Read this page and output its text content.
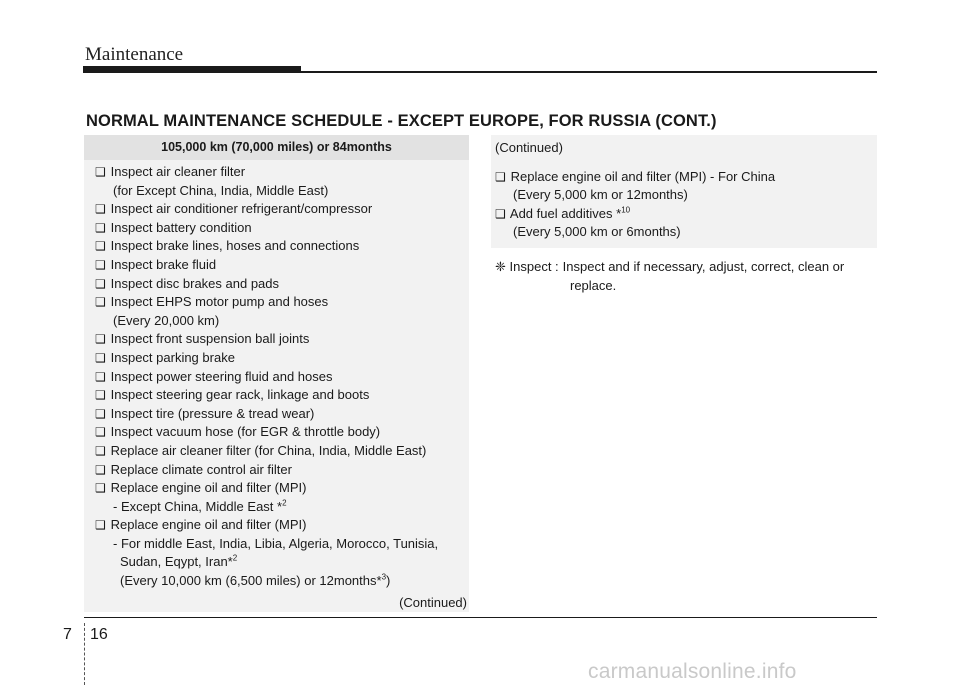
Maintenance
NORMAL MAINTENANCE SCHEDULE - EXCEPT EUROPE, FOR RUSSIA (CONT.)
105,000 km (70,000 miles) or 84months
❑ Inspect air cleaner filter
(for Except China, India, Middle East)
❑ Inspect air conditioner refrigerant/compressor
❑ Inspect battery condition
❑ Inspect brake lines, hoses and connections
❑ Inspect brake fluid
❑ Inspect disc brakes and pads
❑ Inspect EHPS motor pump and hoses
(Every 20,000 km)
❑ Inspect front suspension ball joints
❑ Inspect parking brake
❑ Inspect power steering fluid and hoses
❑ Inspect steering gear rack, linkage and boots
❑ Inspect tire (pressure & tread wear)
❑ Inspect vacuum hose (for EGR & throttle body)
❑ Replace air cleaner filter (for China, India, Middle East)
❑ Replace climate control air filter
❑ Replace engine oil and filter (MPI)
- Except China, Middle East *$^2$
❑ Replace engine oil and filter (MPI)
- For middle East, India, Libia, Algeria, Morocco, Tunisia,
Sudan, Eqypt, Iran*$^2$
(Every 10,000 km (6,500 miles) or 12months*$^3$)
(Continued)
(Continued)
❑ Replace engine oil and filter (MPI) - For China
(Every 5,000 km or 12months)
❑ Add fuel additives *$^{10}$
(Every 5,000 km or 6months)
❈ Inspect : Inspect and if necessary, adjust, correct, clean or
replace.
7 16
carmanualsonline.info
